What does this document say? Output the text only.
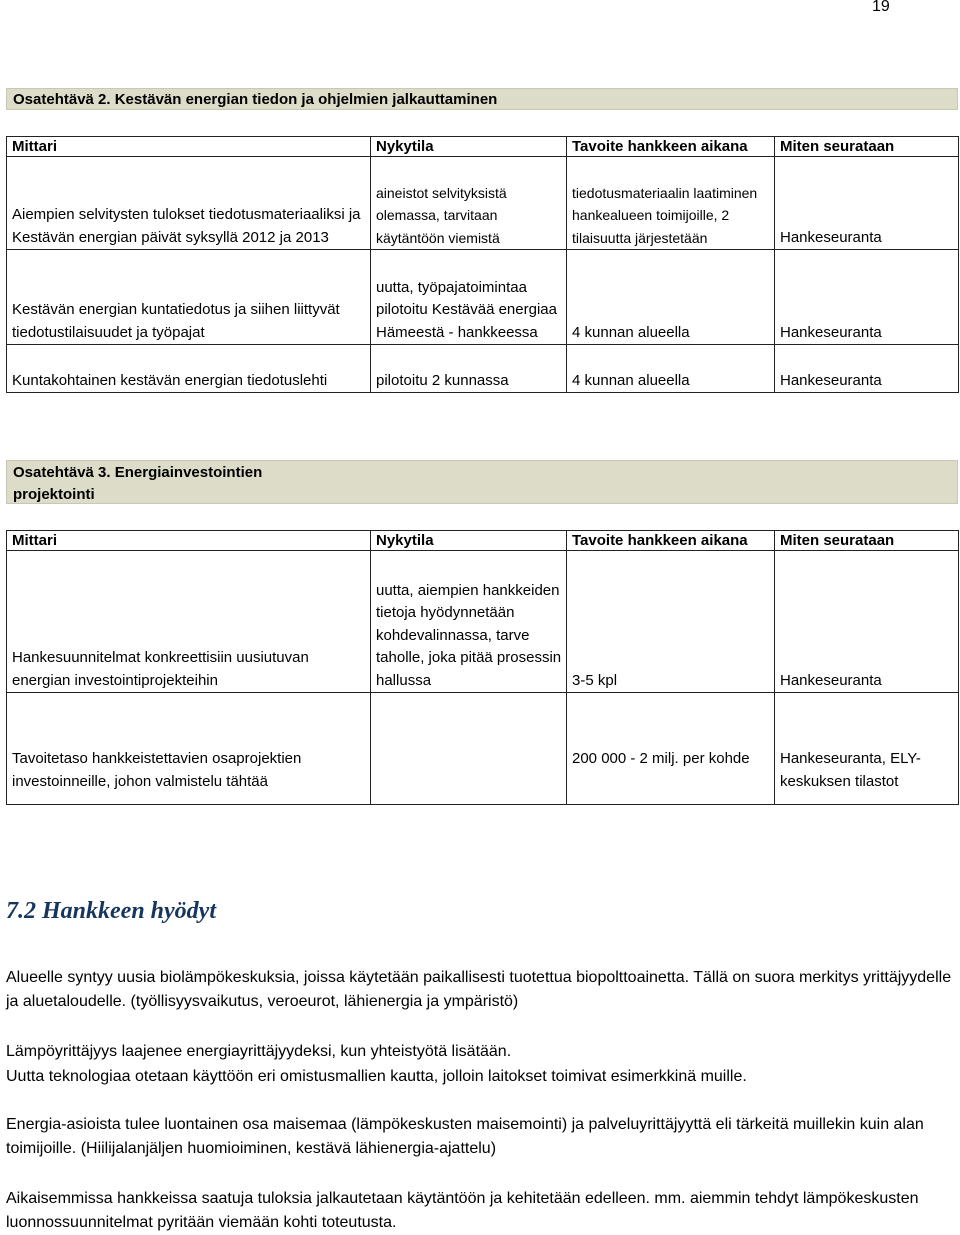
19
Osatehtävä 2. Kestävän energian tiedon ja ohjelmien jalkauttaminen
Mittari	Nykytila	Tavoite hankkeen aikana	Miten seurataan
Aiempien selvitysten tulokset tiedotusmateriaaliksi ja Kestävän energian päivät syksyllä 2012 ja 2013	aineistot selvityksistä olemassa, tarvitaan käytäntöön viemistä	tiedotusmateriaalin laatiminen hankealueen toimijoille, 2 tilaisuutta järjestetään	Hankeseuranta
Kestävän energian kuntatiedotus ja siihen liittyvät tiedotustilaisuudet ja työpajat	uutta, työpajatoimintaa pilotoitu Kestävää energiaa Hämeestä - hankkeessa	4 kunnan alueella	Hankeseuranta
Kuntakohtainen kestävän energian tiedotuslehti	pilotoitu 2 kunnassa	4 kunnan alueella	Hankeseuranta
Osatehtävä 3. Energiainvestointien projektointi
Mittari	Nykytila	Tavoite hankkeen aikana	Miten seurataan
Hankesuunnitelmat konkreettisiin uusiutuvan energian investointiprojekteihin	uutta, aiempien hankkeiden tietoja hyödynnetään kohdevalinnassa, tarve taholle, joka pitää prosessin hallussa	3-5 kpl	Hankeseuranta
Tavoitetaso hankkeistettavien osaprojektien investoinneille, johon valmistelu tähtää		200 000 - 2 milj. per kohde	Hankeseuranta, ELY-keskuksen tilastot
7.2 Hankkeen hyödyt

Alueelle syntyy uusia biolämpökeskuksia, joissa käytetään paikallisesti tuotettua biopolttoainetta. Tällä on suora merkitys yrittäjyydelle ja aluetaloudelle. (työllisyysvaikutus, veroeurot, lähienergia ja ympäristö)

Lämpöyrittäjyys laajenee energiayrittäjyydeksi, kun yhteistyötä lisätään.

Uutta teknologiaa otetaan käyttöön eri omistusmallien kautta, jolloin laitokset toimivat esimerkkinä muille.

Energia-asioista tulee luontainen osa maisemaa (lämpökeskusten maisemointi) ja palveluyrittäjyyttä eli tärkeitä muillekin kuin alan toimijoille. (Hiilijalanjäljen huomioiminen, kestävä lähienergia-ajattelu)

Aikaisemmissa hankkeissa saatuja tuloksia jalkautetaan käytäntöön ja kehitetään edelleen. mm. aiemmin tehdyt lämpökeskusten luonnossuunnitelmat pyritään viemään kohti toteutusta.
